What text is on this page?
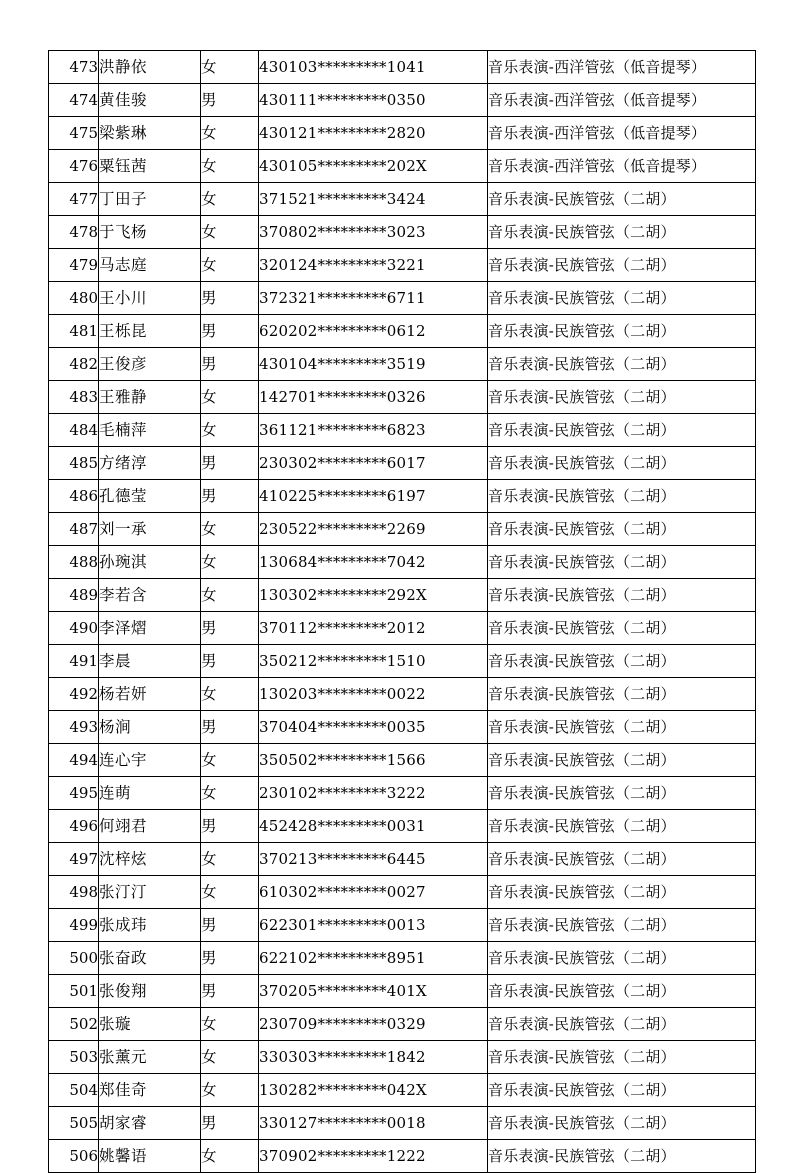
473	洪静依	女	430103*********1041	音乐表演-西洋管弦（低音提琴）
474	黄佳骏	男	430111*********0350	音乐表演-西洋管弦（低音提琴）
475	梁紫琳	女	430121*********2820	音乐表演-西洋管弦（低音提琴）
476	粟钰茜	女	430105*********202X	音乐表演-西洋管弦（低音提琴）
477	丁田子	女	371521*********3424	音乐表演-民族管弦（二胡）
478	于飞杨	女	370802*********3023	音乐表演-民族管弦（二胡）
479	马志庭	女	320124*********3221	音乐表演-民族管弦（二胡）
480	王小川	男	372321*********6711	音乐表演-民族管弦（二胡）
481	王栎昆	男	620202*********0612	音乐表演-民族管弦（二胡）
482	王俊彦	男	430104*********3519	音乐表演-民族管弦（二胡）
483	王雅静	女	142701*********0326	音乐表演-民族管弦（二胡）
484	毛楠萍	女	361121*********6823	音乐表演-民族管弦（二胡）
485	方绪淳	男	230302*********6017	音乐表演-民族管弦（二胡）
486	孔德莹	男	410225*********6197	音乐表演-民族管弦（二胡）
487	刘一承	女	230522*********2269	音乐表演-民族管弦（二胡）
488	孙琬淇	女	130684*********7042	音乐表演-民族管弦（二胡）
489	李若含	女	130302*********292X	音乐表演-民族管弦（二胡）
490	李泽熠	男	370112*********2012	音乐表演-民族管弦（二胡）
491	李晨	男	350212*********1510	音乐表演-民族管弦（二胡）
492	杨若妍	女	130203*********0022	音乐表演-民族管弦（二胡）
493	杨涧	男	370404*********0035	音乐表演-民族管弦（二胡）
494	连心宇	女	350502*********1566	音乐表演-民族管弦（二胡）
495	连萌	女	230102*********3222	音乐表演-民族管弦（二胡）
496	何翊君	男	452428*********0031	音乐表演-民族管弦（二胡）
497	沈梓炫	女	370213*********6445	音乐表演-民族管弦（二胡）
498	张汀汀	女	610302*********0027	音乐表演-民族管弦（二胡）
499	张成玮	男	622301*********0013	音乐表演-民族管弦（二胡）
500	张奋政	男	622102*********8951	音乐表演-民族管弦（二胡）
501	张俊翔	男	370205*********401X	音乐表演-民族管弦（二胡）
502	张璇	女	230709*********0329	音乐表演-民族管弦（二胡）
503	张薰元	女	330303*********1842	音乐表演-民族管弦（二胡）
504	郑佳奇	女	130282*********042X	音乐表演-民族管弦（二胡）
505	胡家睿	男	330127*********0018	音乐表演-民族管弦（二胡）
506	姚馨语	女	370902*********1222	音乐表演-民族管弦（二胡）
